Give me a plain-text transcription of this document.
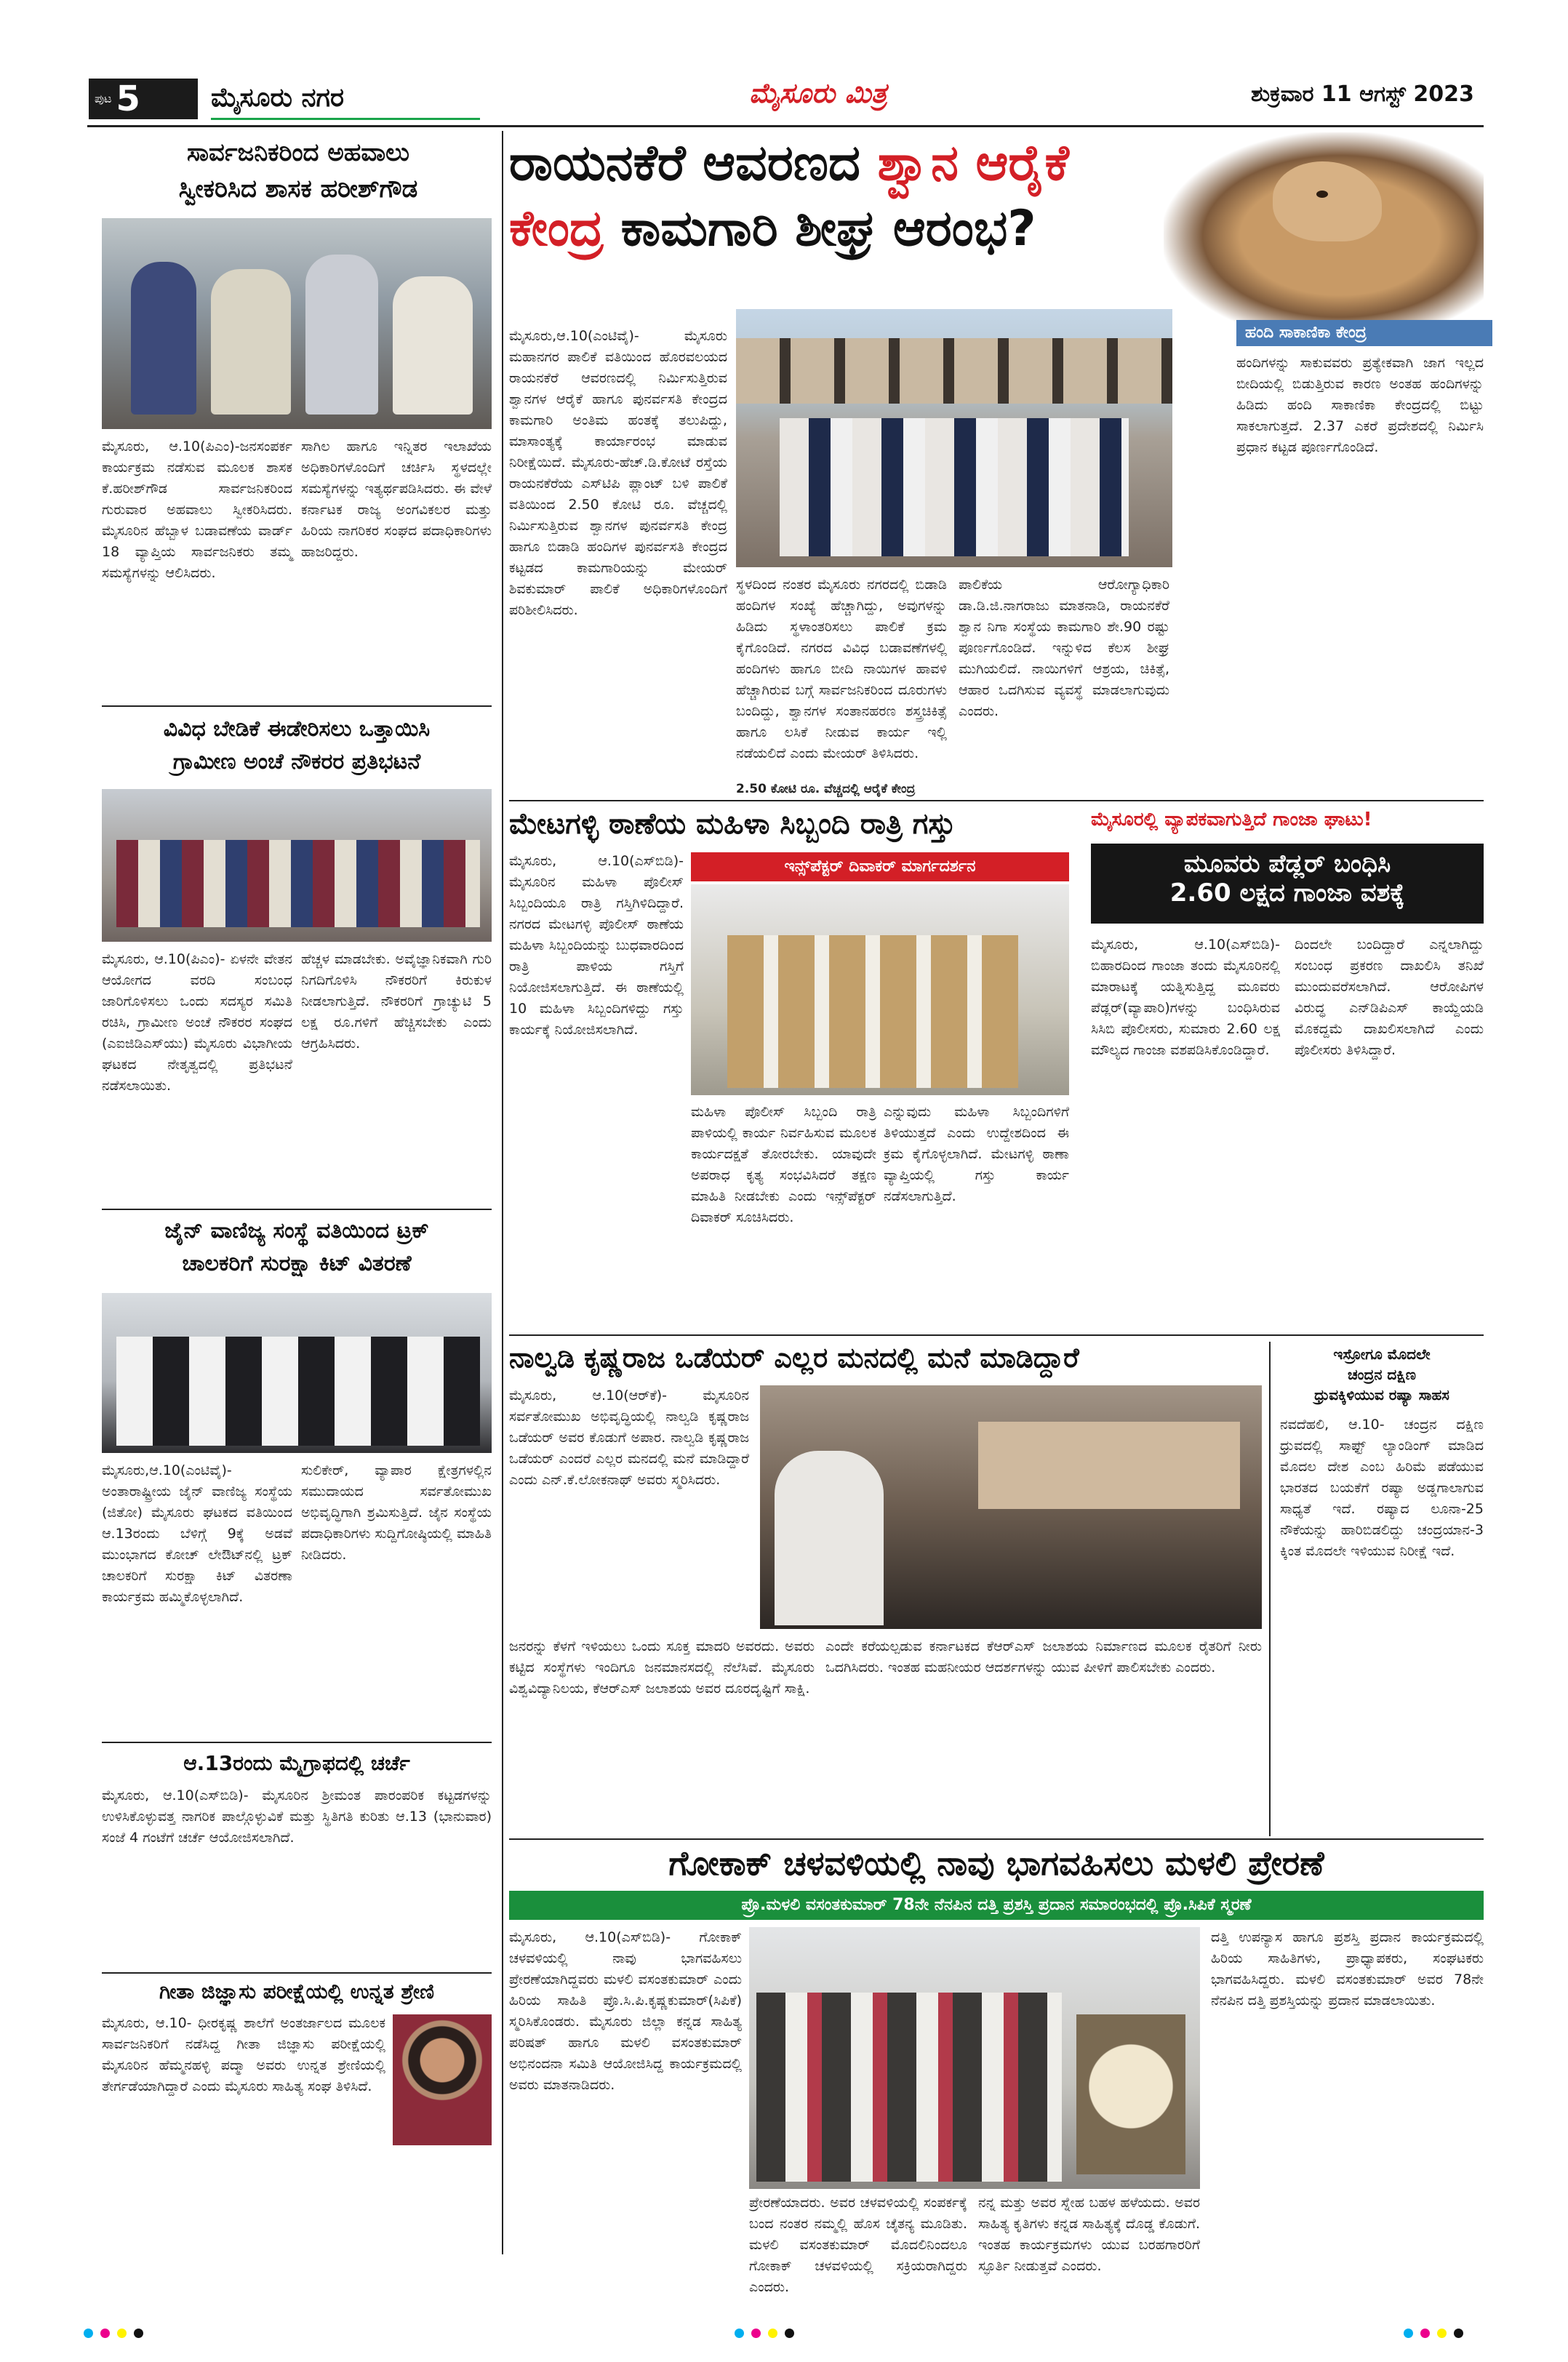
ಪುಟ 5	ಮೈಸೂರು ನಗರ	ಮೈಸೂರು ಮಿತ್ರ	ಶುಕ್ರವಾರ 11 ಆಗಸ್ಟ್ 2023
ಸಾರ್ವಜನಿಕರಿಂದ ಅಹವಾಲು
ಸ್ವೀಕರಿಸಿದ ಶಾಸಕ ಹರೀಶ್‌ಗೌಡ
ಮೈಸೂರು, ಆ.10(ಪಿಎಂ)-ಜನಸಂಪರ್ಕ ಕಾರ್ಯಕ್ರಮ ನಡೆಸುವ ಮೂಲಕ ಶಾಸಕ ಕೆ.ಹರೀಶ್‌ಗೌಡ ಸಾರ್ವಜನಿಕರಿಂದ ಗುರುವಾರ ಅಹವಾಲು ಸ್ವೀಕರಿಸಿದರು. ಮೈಸೂರಿನ ಹೆಬ್ಬಾಳ ಬಡಾವಣೆಯ ವಾರ್ಡ್ 18 ವ್ಯಾಪ್ತಿಯ ಸಾರ್ವಜನಿಕರು ತಮ್ಮ ಸಮಸ್ಯೆಗಳನ್ನು ಆಲಿಸಿದರು.
ಸಾಗಿಲ ಹಾಗೂ ಇನ್ನಿತರ ಇಲಾಖೆಯ ಅಧಿಕಾರಿಗಳೊಂದಿಗೆ ಚರ್ಚಿಸಿ ಸ್ಥಳದಲ್ಲೇ ಸಮಸ್ಯೆಗಳನ್ನು ಇತ್ಯರ್ಥಪಡಿಸಿದರು. ಈ ವೇಳೆ ಕರ್ನಾಟಕ ರಾಜ್ಯ ಅಂಗವಿಕಲರ ಮತ್ತು ಹಿರಿಯ ನಾಗರಿಕರ ಸಂಘದ ಪದಾಧಿಕಾರಿಗಳು ಹಾಜರಿದ್ದರು.
ವಿವಿಧ ಬೇಡಿಕೆ ಈಡೇರಿಸಲು ಒತ್ತಾಯಿಸಿ
ಗ್ರಾಮೀಣ ಅಂಚೆ ನೌಕರರ ಪ್ರತಿಭಟನೆ
ಮೈಸೂರು, ಆ.10(ಪಿಎಂ)- ಏಳನೇ ವೇತನ ಆಯೋಗದ ವರದಿ ಸಂಬಂಧ ಜಾರಿಗೊಳಿಸಲು ಒಂದು ಸದಸ್ಯರ ಸಮಿತಿ ರಚಿಸಿ, ಗ್ರಾಮೀಣ ಅಂಚೆ ನೌಕರರ ಸಂಘದ (ಎಐಜಿಡಿಎಸ್‌ಯು) ಮೈಸೂರು ವಿಭಾಗೀಯ ಘಟಕದ ನೇತೃತ್ವದಲ್ಲಿ ಪ್ರತಿಭಟನೆ ನಡೆಸಲಾಯಿತು.
ಹೆಚ್ಚಳ ಮಾಡಬೇಕು. ಅವೈಜ್ಞಾನಿಕವಾಗಿ ಗುರಿ ನಿಗದಿಗೊಳಿಸಿ ನೌಕರರಿಗೆ ಕಿರುಕುಳ ನೀಡಲಾಗುತ್ತಿದೆ. ನೌಕರರಿಗೆ ಗ್ರಾಚ್ಯುಟಿ 5 ಲಕ್ಷ ರೂ.ಗಳಿಗೆ ಹೆಚ್ಚಿಸಬೇಕು ಎಂದು ಆಗ್ರಹಿಸಿದರು.
ಜೈನ್ ವಾಣಿಜ್ಯ ಸಂಸ್ಥೆ ವತಿಯಿಂದ ಟ್ರಕ್
ಚಾಲಕರಿಗೆ ಸುರಕ್ಷಾ ಕಿಟ್ ವಿತರಣೆ
ಮೈಸೂರು,ಆ.10(ಎಂಟಿವೈ)- ಅಂತಾರಾಷ್ಟ್ರೀಯ ಜೈನ್ ವಾಣಿಜ್ಯ ಸಂಸ್ಥೆಯ (ಜಿತೋ) ಮೈಸೂರು ಘಟಕದ ವತಿಯಿಂದ ಆ.13ರಂದು ಬೆಳಿಗ್ಗೆ 9ಕ್ಕೆ ಅಡವೆ ಮುಂಭಾಗದ ಕೋಚ್ ಲೇಔಟ್‌ನಲ್ಲಿ ಟ್ರಕ್ ಚಾಲಕರಿಗೆ ಸುರಕ್ಷಾ ಕಿಟ್ ವಿತರಣಾ ಕಾರ್ಯಕ್ರಮ ಹಮ್ಮಿಕೊಳ್ಳಲಾಗಿದೆ.
ಸುಲಿಕೇರ್, ವ್ಯಾಪಾರ ಕ್ಷೇತ್ರಗಳಲ್ಲಿನ ಸಮುದಾಯದ ಸರ್ವತೋಮುಖ ಅಭಿವೃದ್ಧಿಗಾಗಿ ಶ್ರಮಿಸುತ್ತಿದೆ. ಜೈನ ಸಂಸ್ಥೆಯ ಪದಾಧಿಕಾರಿಗಳು ಸುದ್ದಿಗೋಷ್ಠಿಯಲ್ಲಿ ಮಾಹಿತಿ ನೀಡಿದರು.
ಆ.13ರಂದು ಮೈಗ್ರಾಫದಲ್ಲಿ ಚರ್ಚೆ
ಮೈಸೂರು, ಆ.10(ಎಸ್‌ಬಿಡಿ)- ಮೈಸೂರಿನ ಶ್ರೀಮಂತ ಪಾರಂಪರಿಕ ಕಟ್ಟಡಗಳನ್ನು ಉಳಿಸಿಕೊಳ್ಳುವತ್ತ ನಾಗರಿಕ ಪಾಲ್ಗೊಳ್ಳುವಿಕೆ ಮತ್ತು ಸ್ಥಿತಿಗತಿ ಕುರಿತು ಆ.13 (ಭಾನುವಾರ) ಸಂಜೆ 4 ಗಂಟೆಗೆ ಚರ್ಚೆ ಆಯೋಜಿಸಲಾಗಿದೆ.
ಗೀತಾ ಜಿಜ್ಞಾಸು ಪರೀಕ್ಷೆಯಲ್ಲಿ ಉನ್ನತ ಶ್ರೇಣಿ
ಮೈಸೂರು, ಆ.10- ಧೀರಕೃಷ್ಣ ಶಾಲೆಗೆ ಅಂತರ್ಜಾಲದ ಮೂಲಕ ಸಾರ್ವಜನಿಕರಿಗೆ ನಡೆಸಿದ್ದ ಗೀತಾ ಜಿಜ್ಞಾಸು ಪರೀಕ್ಷೆಯಲ್ಲಿ ಮೈಸೂರಿನ ಹೆಮ್ಮನಹಳ್ಳಿ ಪದ್ಮಾ ಅವರು ಉನ್ನತ ಶ್ರೇಣಿಯಲ್ಲಿ ತೇರ್ಗಡೆಯಾಗಿದ್ದಾರೆ ಎಂದು ಮೈಸೂರು ಸಾಹಿತ್ಯ ಸಂಘ ತಿಳಿಸಿದೆ.
ರಾಯನಕೆರೆ ಆವರಣದ ಶ್ವಾನ ಆರೈಕೆ
ಕೇಂದ್ರ ಕಾಮಗಾರಿ ಶೀಘ್ರ ಆರಂಭ?
ಮೈಸೂರು,ಆ.10(ಎಂಟಿವೈ)- ಮೈಸೂರು ಮಹಾನಗರ ಪಾಲಿಕೆ ವತಿಯಿಂದ ಹೊರವಲಯದ ರಾಯನಕೆರೆ ಆವರಣದಲ್ಲಿ ನಿರ್ಮಿಸುತ್ತಿರುವ ಶ್ವಾನಗಳ ಆರೈಕೆ ಹಾಗೂ ಪುನರ್ವಸತಿ ಕೇಂದ್ರದ ಕಾಮಗಾರಿ ಅಂತಿಮ ಹಂತಕ್ಕೆ ತಲುಪಿದ್ದು, ಮಾಸಾಂತ್ಯಕ್ಕೆ ಕಾರ್ಯಾರಂಭ ಮಾಡುವ ನಿರೀಕ್ಷೆಯಿದೆ. ಮೈಸೂರು-ಹೆಚ್.ಡಿ.ಕೋಟೆ ರಸ್ತೆಯ ರಾಯನಕೆರೆಯ ಎಸ್‌ಟಿಪಿ ಪ್ಲಾಂಟ್ ಬಳಿ ಪಾಲಿಕೆ ವತಿಯಿಂದ 2.50 ಕೋಟಿ ರೂ. ವೆಚ್ಚದಲ್ಲಿ ನಿರ್ಮಿಸುತ್ತಿರುವ ಶ್ವಾನಗಳ ಪುನರ್ವಸತಿ ಕೇಂದ್ರ ಹಾಗೂ ಬಿಡಾಡಿ ಹಂದಿಗಳ ಪುನರ್ವಸತಿ ಕೇಂದ್ರದ ಕಟ್ಟಡದ ಕಾಮಗಾರಿಯನ್ನು ಮೇಯರ್ ಶಿವಕುಮಾರ್ ಪಾಲಿಕೆ ಅಧಿಕಾರಿಗಳೊಂದಿಗೆ ಪರಿಶೀಲಿಸಿದರು.
ಹಂದಿ ಸಾಕಾಣಿಕಾ ಕೇಂದ್ರ
ಹಂದಿಗಳನ್ನು ಸಾಕುವವರು ಪ್ರತ್ಯೇಕವಾಗಿ ಜಾಗ ಇಲ್ಲದ ಬೀದಿಯಲ್ಲಿ ಬಿಡುತ್ತಿರುವ ಕಾರಣ ಅಂತಹ ಹಂದಿಗಳನ್ನು ಹಿಡಿದು ಹಂದಿ ಸಾಕಾಣಿಕಾ ಕೇಂದ್ರದಲ್ಲಿ ಬಿಟ್ಟು ಸಾಕಲಾಗುತ್ತದೆ. 2.37 ಎಕರೆ ಪ್ರದೇಶದಲ್ಲಿ ನಿರ್ಮಿಸಿ ಪ್ರಧಾನ ಕಟ್ಟಡ ಪೂರ್ಣಗೊಂಡಿದೆ.
ಸ್ಥಳದಿಂದ ನಂತರ ಮೈಸೂರು ನಗರದಲ್ಲಿ ಬಿಡಾಡಿ ಹಂದಿಗಳ ಸಂಖ್ಯೆ ಹೆಚ್ಚಾಗಿದ್ದು, ಅವುಗಳನ್ನು ಹಿಡಿದು ಸ್ಥಳಾಂತರಿಸಲು ಪಾಲಿಕೆ ಕ್ರಮ ಕೈಗೊಂಡಿದೆ. ನಗರದ ವಿವಿಧ ಬಡಾವಣೆಗಳಲ್ಲಿ ಹಂದಿಗಳು ಹಾಗೂ ಬೀದಿ ನಾಯಿಗಳ ಹಾವಳಿ ಹೆಚ್ಚಾಗಿರುವ ಬಗ್ಗೆ ಸಾರ್ವಜನಿಕರಿಂದ ದೂರುಗಳು ಬಂದಿದ್ದು, ಶ್ವಾನಗಳ ಸಂತಾನಹರಣ ಶಸ್ತ್ರಚಿಕಿತ್ಸೆ ಹಾಗೂ ಲಸಿಕೆ ನೀಡುವ ಕಾರ್ಯ ಇಲ್ಲಿ ನಡೆಯಲಿದೆ ಎಂದು ಮೇಯರ್ ತಿಳಿಸಿದರು.
ಪಾಲಿಕೆಯ ಆರೋಗ್ಯಾಧಿಕಾರಿ ಡಾ.ಡಿ.ಜಿ.ನಾಗರಾಜು ಮಾತನಾಡಿ, ರಾಯನಕೆರೆ ಶ್ವಾನ ನಿಗಾ ಸಂಸ್ಥೆಯ ಕಾಮಗಾರಿ ಶೇ.90 ರಷ್ಟು ಪೂರ್ಣಗೊಂಡಿದೆ. ಇನ್ನುಳಿದ ಕೆಲಸ ಶೀಘ್ರ ಮುಗಿಯಲಿದೆ. ನಾಯಿಗಳಿಗೆ ಆಶ್ರಯ, ಚಿಕಿತ್ಸೆ, ಆಹಾರ ಒದಗಿಸುವ ವ್ಯವಸ್ಥೆ ಮಾಡಲಾಗುವುದು ಎಂದರು.
2.50 ಕೋಟಿ ರೂ. ವೆಚ್ಚದಲ್ಲಿ ಆರೈಕೆ ಕೇಂದ್ರ
ಮೇಟಗಳ್ಳಿ ಠಾಣೆಯ ಮಹಿಳಾ ಸಿಬ್ಬಂದಿ ರಾತ್ರಿ ಗಸ್ತು
ಮೈಸೂರು, ಆ.10(ಎಸ್‌ಬಿಡಿ)- ಮೈಸೂರಿನ ಮಹಿಳಾ ಪೊಲೀಸ್ ಸಿಬ್ಬಂದಿಯೂ ರಾತ್ರಿ ಗಸ್ತಿಗಿಳಿದಿದ್ದಾರೆ. ನಗರದ ಮೇಟಗಳ್ಳಿ ಪೊಲೀಸ್ ಠಾಣೆಯ ಮಹಿಳಾ ಸಿಬ್ಬಂದಿಯನ್ನು ಬುಧವಾರದಿಂದ ರಾತ್ರಿ ಪಾಳಿಯ ಗಸ್ತಿಗೆ ನಿಯೋಜಿಸಲಾಗುತ್ತಿದೆ. ಈ ಠಾಣೆಯಲ್ಲಿ 10 ಮಹಿಳಾ ಸಿಬ್ಬಂದಿಗಳಿದ್ದು ಗಸ್ತು ಕಾರ್ಯಕ್ಕೆ ನಿಯೋಜಿಸಲಾಗಿದೆ.
ಇನ್ಸ್‌ಪೆಕ್ಟರ್ ದಿವಾಕರ್ ಮಾರ್ಗದರ್ಶನ
ಮಹಿಳಾ ಪೊಲೀಸ್ ಸಿಬ್ಬಂದಿ ರಾತ್ರಿ ಪಾಳಿಯಲ್ಲಿ ಕಾರ್ಯ ನಿರ್ವಹಿಸುವ ಮೂಲಕ ಕಾರ್ಯದಕ್ಷತೆ ತೋರಬೇಕು. ಯಾವುದೇ ಅಪರಾಧ ಕೃತ್ಯ ಸಂಭವಿಸಿದರೆ ತಕ್ಷಣ ಮಾಹಿತಿ ನೀಡಬೇಕು ಎಂದು ಇನ್ಸ್‌ಪೆಕ್ಟರ್ ದಿವಾಕರ್ ಸೂಚಿಸಿದರು.
ಎನ್ನುವುದು ಮಹಿಳಾ ಸಿಬ್ಬಂದಿಗಳಿಗೆ ತಿಳಿಯುತ್ತದೆ ಎಂದು ಉದ್ದೇಶದಿಂದ ಈ ಕ್ರಮ ಕೈಗೊಳ್ಳಲಾಗಿದೆ. ಮೇಟಗಳ್ಳಿ ಠಾಣಾ ವ್ಯಾಪ್ತಿಯಲ್ಲಿ ಗಸ್ತು ಕಾರ್ಯ ನಡೆಸಲಾಗುತ್ತಿದೆ.
ಮೈಸೂರಲ್ಲಿ ವ್ಯಾಪಕವಾಗುತ್ತಿದೆ ಗಾಂಜಾ ಘಾಟು!
ಮೂವರು ಪೆಡ್ಲರ್ ಬಂಧಿಸಿ
2.60 ಲಕ್ಷದ ಗಾಂಜಾ ವಶಕ್ಕೆ
ಮೈಸೂರು, ಆ.10(ಎಸ್‌ಬಿಡಿ)- ಬಿಹಾರದಿಂದ ಗಾಂಜಾ ತಂದು ಮೈಸೂರಿನಲ್ಲಿ ಮಾರಾಟಕ್ಕೆ ಯತ್ನಿಸುತ್ತಿದ್ದ ಮೂವರು ಪೆಡ್ಲರ್(ವ್ಯಾಪಾರಿ)ಗಳನ್ನು ಬಂಧಿಸಿರುವ ಸಿಸಿಬಿ ಪೊಲೀಸರು, ಸುಮಾರು 2.60 ಲಕ್ಷ ಮೌಲ್ಯದ ಗಾಂಜಾ ವಶಪಡಿಸಿಕೊಂಡಿದ್ದಾರೆ.
ದಿಂದಲೇ ಬಂದಿದ್ದಾರೆ ಎನ್ನಲಾಗಿದ್ದು ಸಂಬಂಧ ಪ್ರಕರಣ ದಾಖಲಿಸಿ ತನಿಖೆ ಮುಂದುವರೆಸಲಾಗಿದೆ. ಆರೋಪಿಗಳ ವಿರುದ್ಧ ಎನ್‌ಡಿಪಿಎಸ್ ಕಾಯ್ದೆಯಡಿ ಮೊಕದ್ದಮೆ ದಾಖಲಿಸಲಾಗಿದೆ ಎಂದು ಪೊಲೀಸರು ತಿಳಿಸಿದ್ದಾರೆ.
ನಾಲ್ವಡಿ ಕೃಷ್ಣರಾಜ ಒಡೆಯರ್ ಎಲ್ಲರ ಮನದಲ್ಲಿ ಮನೆ ಮಾಡಿದ್ದಾರೆ
ಮೈಸೂರು, ಆ.10(ಆರ್‌ಕೆ)- ಮೈಸೂರಿನ ಸರ್ವತೋಮುಖ ಅಭಿವೃದ್ಧಿಯಲ್ಲಿ ನಾಲ್ವಡಿ ಕೃಷ್ಣರಾಜ ಒಡೆಯರ್ ಅವರ ಕೊಡುಗೆ ಅಪಾರ. ನಾಲ್ವಡಿ ಕೃಷ್ಣರಾಜ ಒಡೆಯರ್ ಎಂದರೆ ಎಲ್ಲರ ಮನದಲ್ಲಿ ಮನೆ ಮಾಡಿದ್ದಾರೆ ಎಂದು ಎನ್.ಕೆ.ಲೋಕನಾಥ್ ಅವರು ಸ್ಮರಿಸಿದರು.
ಜನರನ್ನು ಕೆಳಗೆ ಇಳಿಯಲು ಒಂದು ಸೂಕ್ತ ಮಾದರಿ ಅವರದು. ಅವರು ಕಟ್ಟಿದ ಸಂಸ್ಥೆಗಳು ಇಂದಿಗೂ ಜನಮಾನಸದಲ್ಲಿ ನೆಲೆಸಿವೆ. ಮೈಸೂರು ವಿಶ್ವವಿದ್ಯಾನಿಲಯ, ಕೆಆರ್‌ಎಸ್ ಜಲಾಶಯ ಅವರ ದೂರದೃಷ್ಟಿಗೆ ಸಾಕ್ಷಿ.
ಎಂದೇ ಕರೆಯಲ್ಪಡುವ ಕರ್ನಾಟಕದ ಕೆಆರ್‌ಎಸ್ ಜಲಾಶಯ ನಿರ್ಮಾಣದ ಮೂಲಕ ರೈತರಿಗೆ ನೀರು ಒದಗಿಸಿದರು. ಇಂತಹ ಮಹನೀಯರ ಆದರ್ಶಗಳನ್ನು ಯುವ ಪೀಳಿಗೆ ಪಾಲಿಸಬೇಕು ಎಂದರು.
ಇಸ್ರೋಗೂ ಮೊದಲೇ
ಚಂದ್ರನ ದಕ್ಷಿಣ
ಧ್ರುವಕ್ಕಿಳಿಯುವ ರಷ್ಯಾ ಸಾಹಸ
ನವದೆಹಲಿ, ಆ.10- ಚಂದ್ರನ ದಕ್ಷಿಣ ಧ್ರುವದಲ್ಲಿ ಸಾಫ್ಟ್ ಲ್ಯಾಂಡಿಂಗ್ ಮಾಡಿದ ಮೊದಲ ದೇಶ ಎಂಬ ಹಿರಿಮೆ ಪಡೆಯುವ ಭಾರತದ ಬಯಕೆಗೆ ರಷ್ಯಾ ಅಡ್ಡಗಾಲಾಗುವ ಸಾಧ್ಯತೆ ಇದೆ. ರಷ್ಯಾದ ಲೂನಾ-25 ನೌಕೆಯನ್ನು ಹಾರಿಬಿಡಲಿದ್ದು ಚಂದ್ರಯಾನ-3 ಕ್ಕಿಂತ ಮೊದಲೇ ಇಳಿಯುವ ನಿರೀಕ್ಷೆ ಇದೆ.
ಗೋಕಾಕ್ ಚಳವಳಿಯಲ್ಲಿ ನಾವು ಭಾಗವಹಿಸಲು ಮಳಲಿ ಪ್ರೇರಣೆ
ಪ್ರೊ.ಮಳಲಿ ವಸಂತಕುಮಾರ್ 78ನೇ ನೆನಪಿನ ದತ್ತಿ ಪ್ರಶಸ್ತಿ ಪ್ರದಾನ ಸಮಾರಂಭದಲ್ಲಿ ಪ್ರೊ.ಸಿಪಿಕೆ ಸ್ಮರಣೆ
ಮೈಸೂರು, ಆ.10(ಎಸ್‌ಬಿಡಿ)- ಗೋಕಾಕ್ ಚಳವಳಿಯಲ್ಲಿ ನಾವು ಭಾಗವಹಿಸಲು ಪ್ರೇರಣೆಯಾಗಿದ್ದವರು ಮಳಲಿ ವಸಂತಕುಮಾರ್ ಎಂದು ಹಿರಿಯ ಸಾಹಿತಿ ಪ್ರೊ.ಸಿ.ಪಿ.ಕೃಷ್ಣಕುಮಾರ್(ಸಿಪಿಕೆ) ಸ್ಮರಿಸಿಕೊಂಡರು. ಮೈಸೂರು ಜಿಲ್ಲಾ ಕನ್ನಡ ಸಾಹಿತ್ಯ ಪರಿಷತ್ ಹಾಗೂ ಮಳಲಿ ವಸಂತಕುಮಾರ್ ಅಭಿನಂದನಾ ಸಮಿತಿ ಆಯೋಜಿಸಿದ್ದ ಕಾರ್ಯಕ್ರಮದಲ್ಲಿ ಅವರು ಮಾತನಾಡಿದರು.
ಪ್ರೇರಣೆಯಾದರು. ಅವರ ಚಳವಳಿಯಲ್ಲಿ ಸಂಪರ್ಕಕ್ಕೆ ಬಂದ ನಂತರ ನಮ್ಮಲ್ಲಿ ಹೊಸ ಚೈತನ್ಯ ಮೂಡಿತು. ಮಳಲಿ ವಸಂತಕುಮಾರ್ ಮೊದಲಿನಿಂದಲೂ ಗೋಕಾಕ್ ಚಳವಳಿಯಲ್ಲಿ ಸಕ್ರಿಯರಾಗಿದ್ದರು ಎಂದರು.
ನನ್ನ ಮತ್ತು ಅವರ ಸ್ನೇಹ ಬಹಳ ಹಳೆಯದು. ಅವರ ಸಾಹಿತ್ಯ ಕೃತಿಗಳು ಕನ್ನಡ ಸಾಹಿತ್ಯಕ್ಕೆ ದೊಡ್ಡ ಕೊಡುಗೆ. ಇಂತಹ ಕಾರ್ಯಕ್ರಮಗಳು ಯುವ ಬರಹಗಾರರಿಗೆ ಸ್ಫೂರ್ತಿ ನೀಡುತ್ತವೆ ಎಂದರು.
ದತ್ತಿ ಉಪನ್ಯಾಸ ಹಾಗೂ ಪ್ರಶಸ್ತಿ ಪ್ರದಾನ ಕಾರ್ಯಕ್ರಮದಲ್ಲಿ ಹಿರಿಯ ಸಾಹಿತಿಗಳು, ಪ್ರಾಧ್ಯಾಪಕರು, ಸಂಘಟಕರು ಭಾಗವಹಿಸಿದ್ದರು. ಮಳಲಿ ವಸಂತಕುಮಾರ್ ಅವರ 78ನೇ ನೆನಪಿನ ದತ್ತಿ ಪ್ರಶಸ್ತಿಯನ್ನು ಪ್ರದಾನ ಮಾಡಲಾಯಿತು.
